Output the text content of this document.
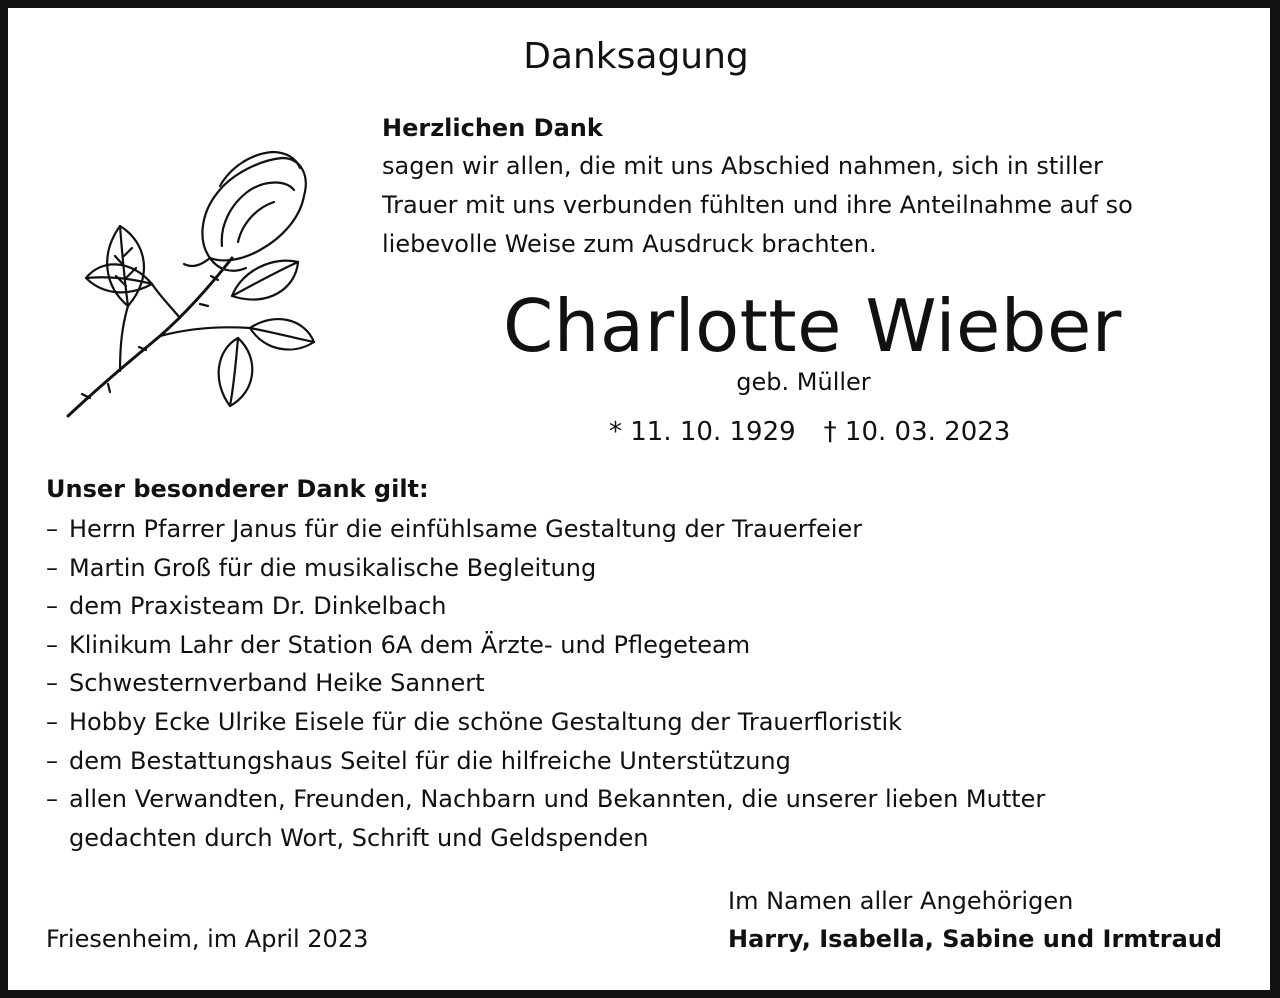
Danksagung
Herzlichen Dank
sagen wir allen, die mit uns Abschied nahmen, sich in stiller
Trauer mit uns verbunden fühlten und ihre Anteilnahme auf so
liebevolle Weise zum Ausdruck brachten.
Charlotte Wieber
geb. Müller
* 11. 10. 1929 † 10. 03. 2023
Unser besonderer Dank gilt:
– Herrn Pfarrer Janus für die einfühlsame Gestaltung der Trauerfeier
– Martin Groß für die musikalische Begleitung
– dem Praxisteam Dr. Dinkelbach
– Klinikum Lahr der Station 6A dem Ärzte- und Pflegeteam
– Schwesternverband Heike Sannert
– Hobby Ecke Ulrike Eisele für die schöne Gestaltung der Trauerfloristik
– dem Bestattungshaus Seitel für die hilfreiche Unterstützung
– allen Verwandten, Freunden, Nachbarn und Bekannten, die unserer lieben Mutter
gedachten durch Wort, Schrift und Geldspenden
Friesenheim, im April 2023
Im Namen aller Angehörigen
Harry, Isabella, Sabine und Irmtraud
